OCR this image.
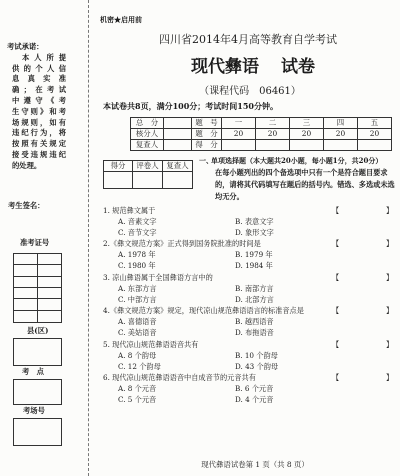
考试承诺：
本人所提
供的个人信
息真实准
确；在考试
中遵守《考
生守则》和考
场规则，如有
违纪行为，将
按照有关规定
接受违规违纪
的处理。
考生签名：
准考证号
县(区)
考　点
考场号
机密★启用前
四川省2014年4月高等教育自学考试
现代彝语 试卷
（课程代码　06461）
本试卷共8页，满分100分；考试时间150分钟。
总　分		题　号	一	二	三	四	五
核分人		题　分	20	20	20	20	20
复查人		得　分					
得分	评卷人	复查人

一、
单项选择题（本大题共20小题，每小题1分，共20分）
在每小题列出的四个备选项中只有一个是符合题目要求
的，请将其代码填写在题后的括号内。错选、多选或未选
均无分。
1. 规范彝文属于	【	】
A. 音素文字	B. 表意文字
C. 音节文字	D. 象形文字
2.《彝文规范方案》正式得到国务院批准的时间是	【	】
A. 1978 年	B. 1979 年
C. 1980 年	D. 1984 年
3. 凉山彝语属于全国彝语方言中的	【	】
A. 东部方言	B. 南部方言
C. 中部方言	D. 北部方言
4.《彝文规范方案》规定，现代凉山规范彝语语言的标准音点是	【	】
A. 喜德语音	B. 越西语音
C. 美姑语音	D. 布拖语音
5. 现代凉山规范彝语语音共有	【	】
A. 8 个韵母	B. 10 个韵母
C. 12 个韵母	D. 43 个韵母
6. 现代凉山规范彝语语音中自成音节的元音共有	【	】
A. 8 个元音	B. 6 个元音
C. 5 个元音	D. 4 个元音
现代彝语试卷第 1 页（共 8 页）
